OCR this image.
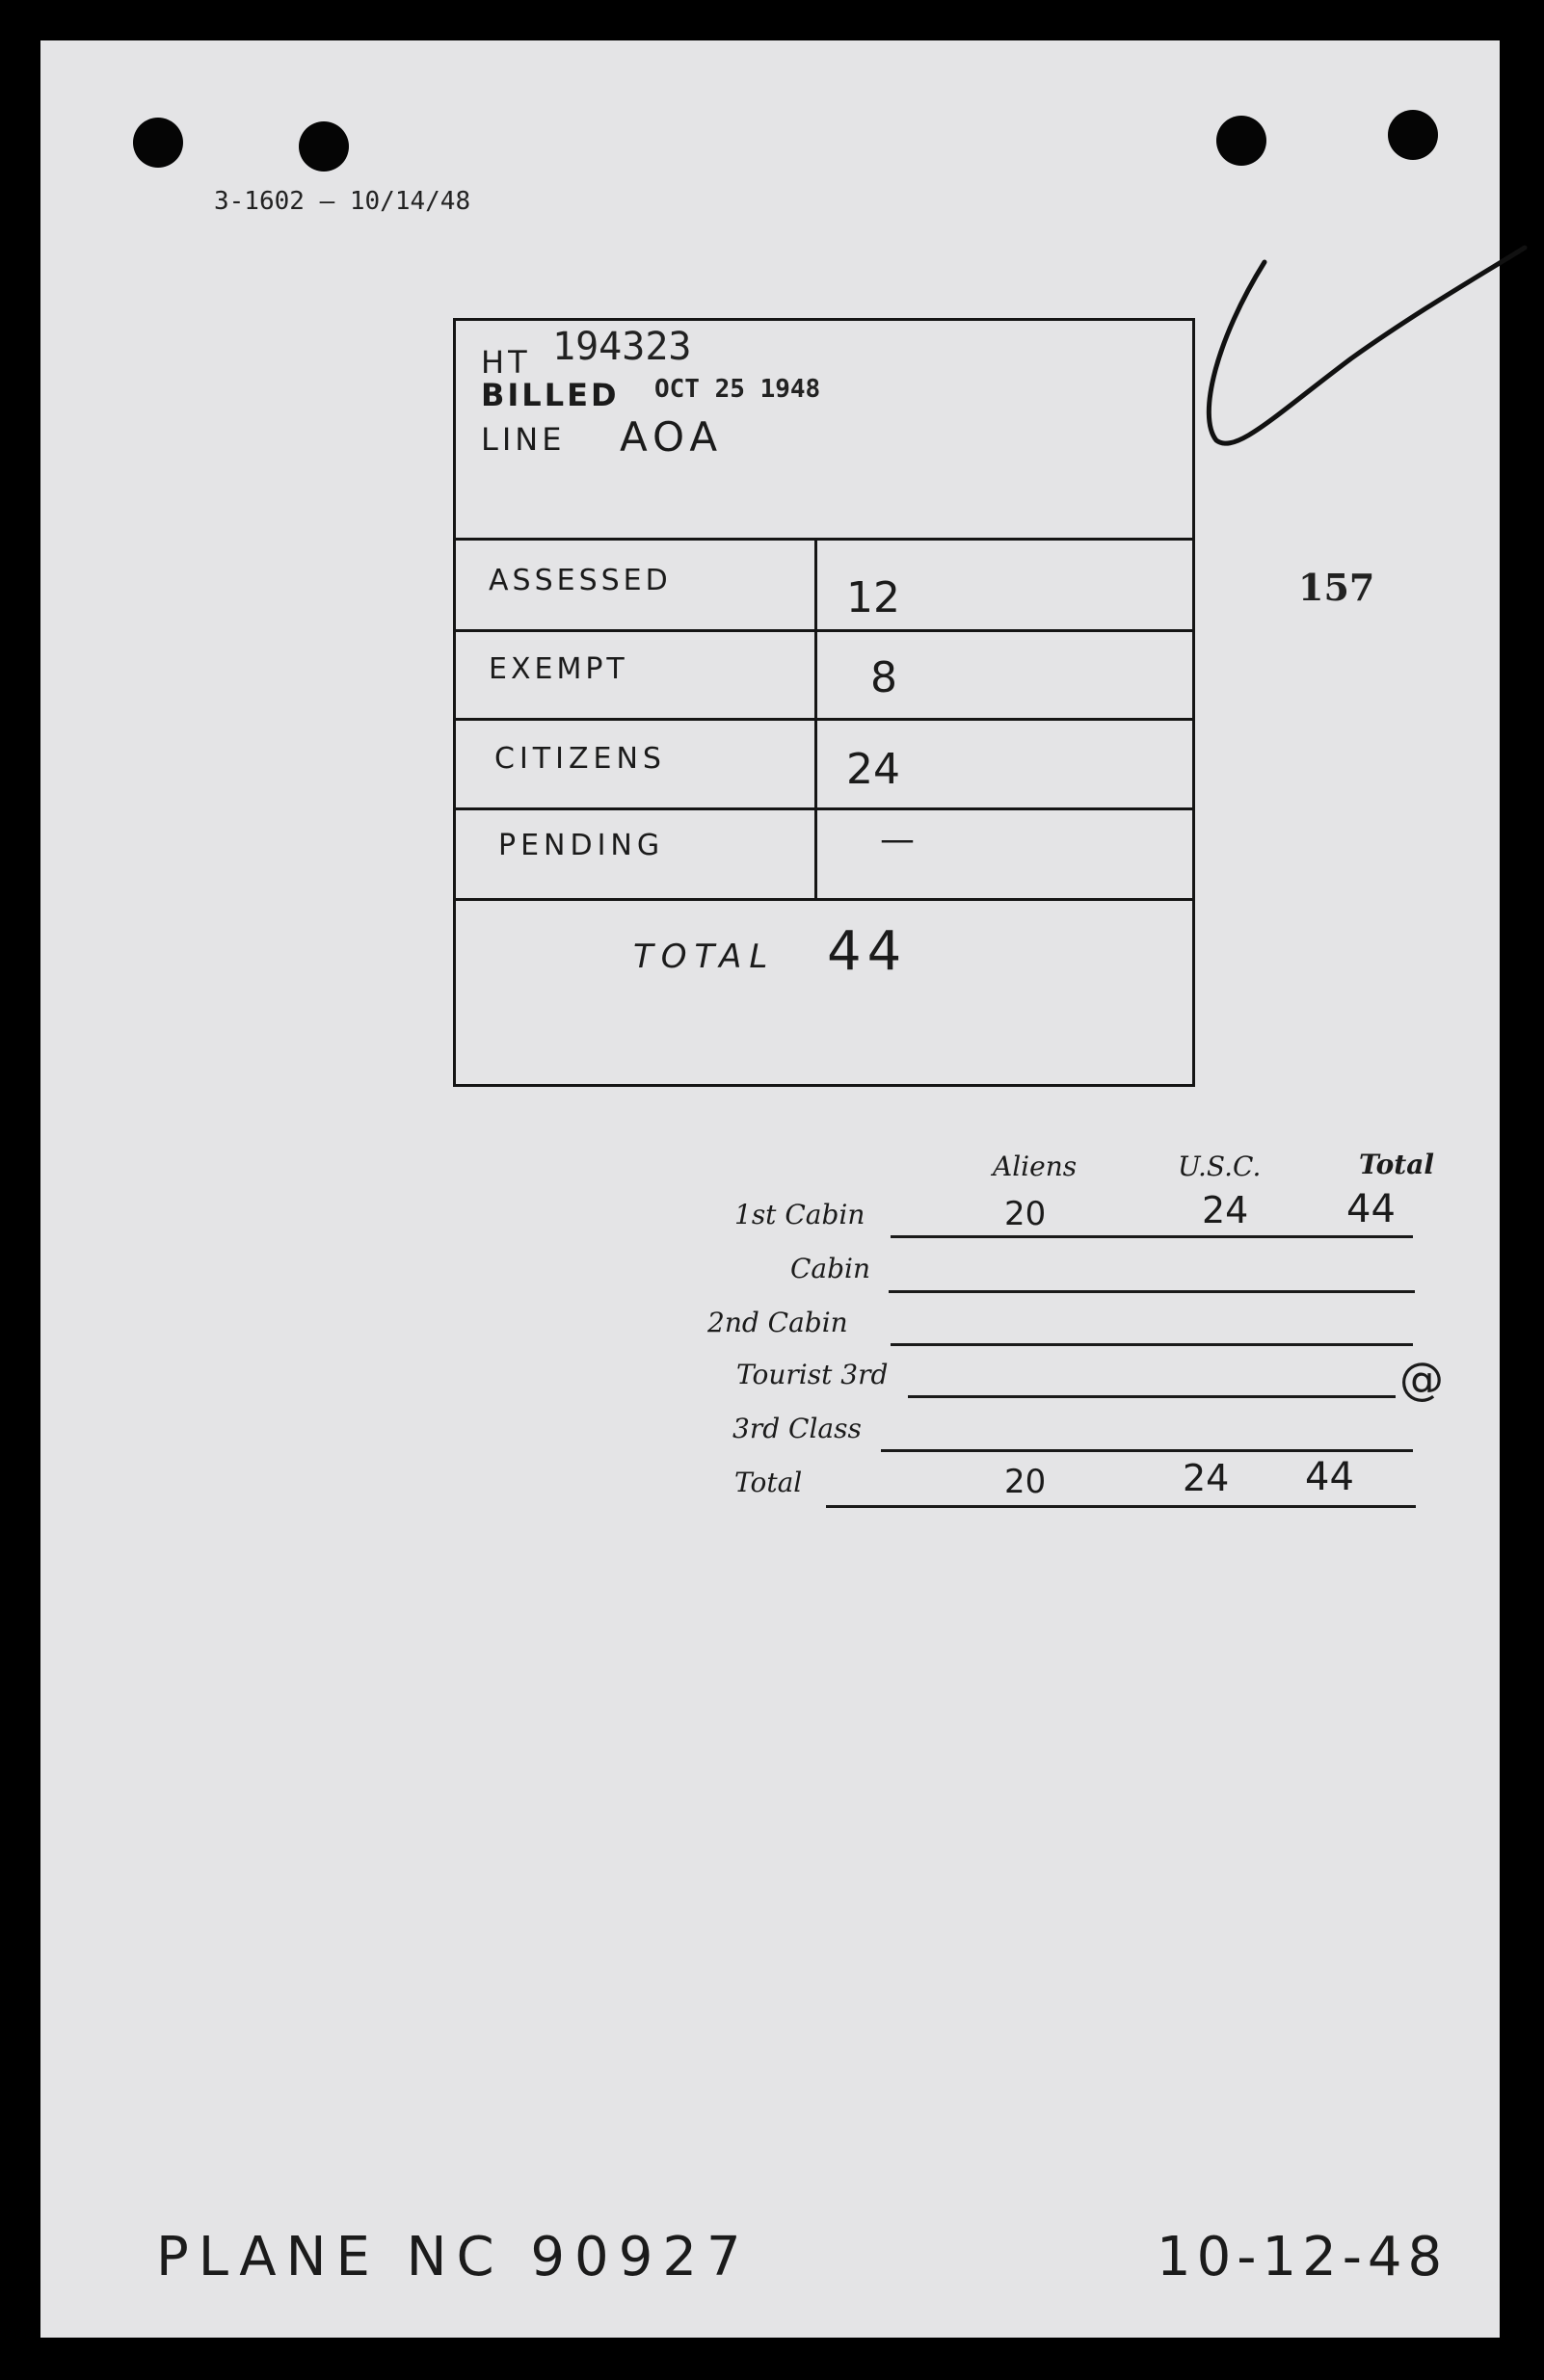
3-1602 — 10/14/48
157
HT 194323
BILLED OCT 25 1948
LINE AOA
ASSESSED	12
EXEMPT	8
CITIZENS	24
PENDING	—
TOTAL 44
Aliens	U.S.C.	Total
1st Cabin	20	24	44
Cabin
2nd Cabin
Tourist 3rd	@
3rd Class
Total	20	24 44
PLANE NC 90927	10-12-48
